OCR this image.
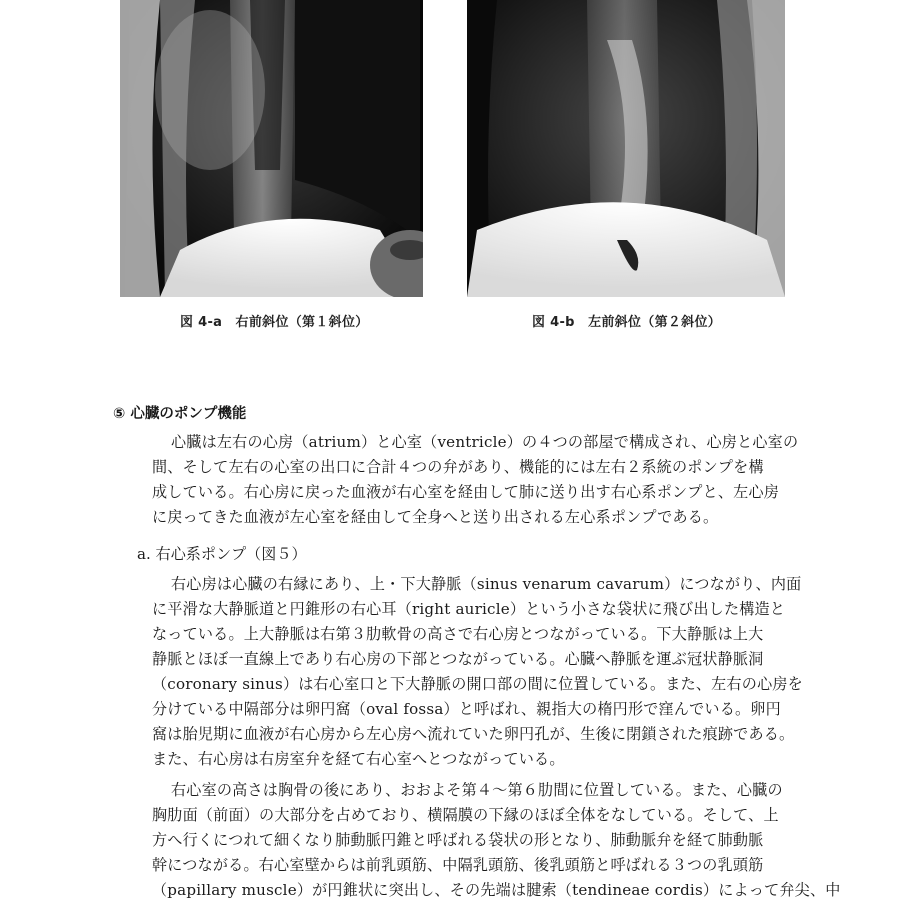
図 4-a　右前斜位（第１斜位）	図 4-b　左前斜位（第２斜位）
⑤ 心臓のポンプ機能
心臓は左右の心房（atrium）と心室（ventricle）の４つの部屋で構成され、心房と心室の
間、そして左右の心室の出口に合計４つの弁があり、機能的には左右２系統のポンプを構
成している。右心房に戻った血液が右心室を経由して肺に送り出す右心系ポンプと、左心房
に戻ってきた血液が左心室を経由して全身へと送り出される左心系ポンプである。
a. 右心系ポンプ（図５）
右心房は心臓の右縁にあり、上・下大静脈（sinus venarum cavarum）につながり、内面
に平滑な大静脈道と円錐形の右心耳（right auricle）という小さな袋状に飛び出した構造と
なっている。上大静脈は右第３肋軟骨の高さで右心房とつながっている。下大静脈は上大
静脈とほぼ一直線上であり右心房の下部とつながっている。心臓へ静脈を運ぶ冠状静脈洞
（coronary sinus）は右心室口と下大静脈の開口部の間に位置している。また、左右の心房を
分けている中隔部分は卵円窩（oval fossa）と呼ばれ、親指大の楕円形で窪んでいる。卵円
窩は胎児期に血液が右心房から左心房へ流れていた卵円孔が、生後に閉鎖された痕跡である。
また、右心房は右房室弁を経て右心室へとつながっている。
右心室の高さは胸骨の後にあり、おおよそ第４～第６肋間に位置している。また、心臓の
胸肋面（前面）の大部分を占めており、横隔膜の下縁のほぼ全体をなしている。そして、上
方へ行くにつれて細くなり肺動脈円錐と呼ばれる袋状の形となり、肺動脈弁を経て肺動脈
幹につながる。右心室壁からは前乳頭筋、中隔乳頭筋、後乳頭筋と呼ばれる３つの乳頭筋
（papillary muscle）が円錐状に突出し、その先端は腱索（tendineae cordis）によって弁尖、中
